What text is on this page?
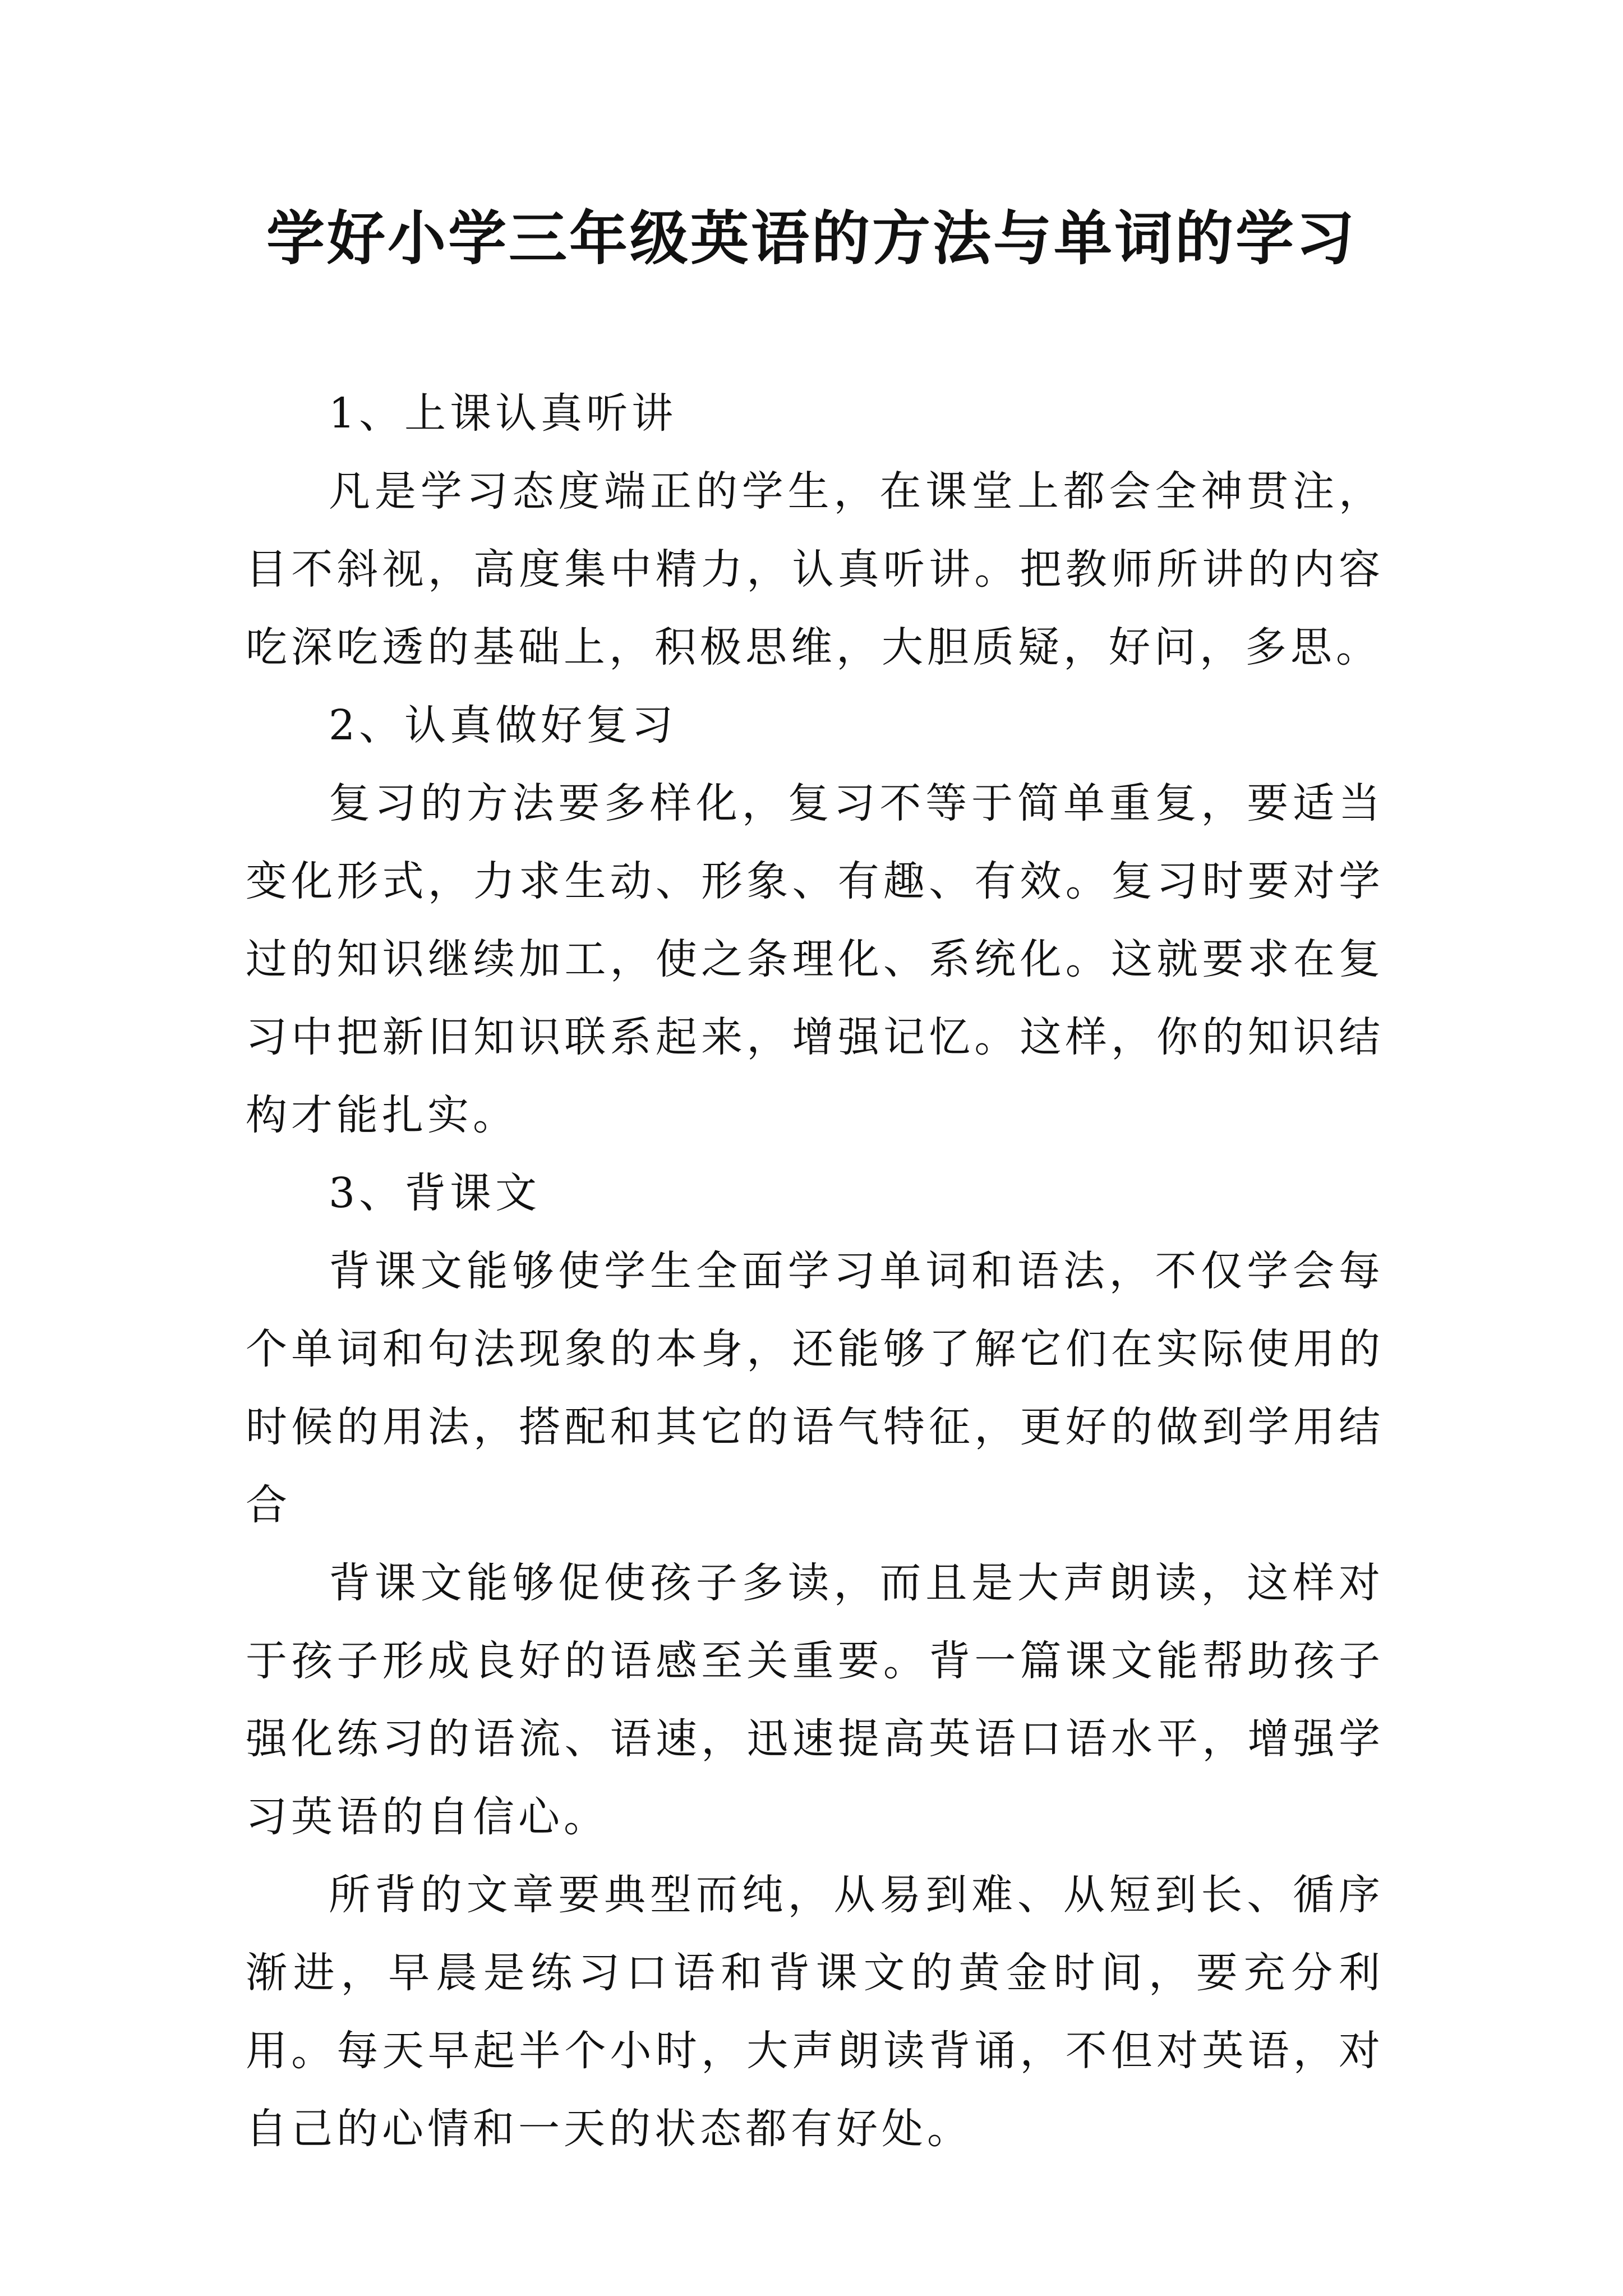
学好小学三年级英语的方法与单词的学习

1、上课认真听讲

凡是学习态度端正的学生，在课堂上都会全神贯注，目不斜视，高度集中精力，认真听讲。把教师所讲的内容吃深吃透的基础上，积极思维，大胆质疑，好问，多思。

2、认真做好复习

复习的方法要多样化，复习不等于简单重复，要适当变化形式，力求生动、形象、有趣、有效。复习时要对学过的知识继续加工，使之条理化、系统化。这就要求在复习中把新旧知识联系起来，增强记忆。这样，你的知识结构才能扎实。

3、背课文

背课文能够使学生全面学习单词和语法，不仅学会每个单词和句法现象的本身，还能够了解它们在实际使用的时候的用法，搭配和其它的语气特征，更好的做到学用结合

背课文能够促使孩子多读，而且是大声朗读，这样对于孩子形成良好的语感至关重要。背一篇课文能帮助孩子强化练习的语流、语速，迅速提高英语口语水平，增强学习英语的自信心。

所背的文章要典型而纯，从易到难、从短到长、循序渐进，早晨是练习口语和背课文的黄金时间，要充分利用。每天早起半个小时，大声朗读背诵，不但对英语，对自己的心情和一天的状态都有好处。
